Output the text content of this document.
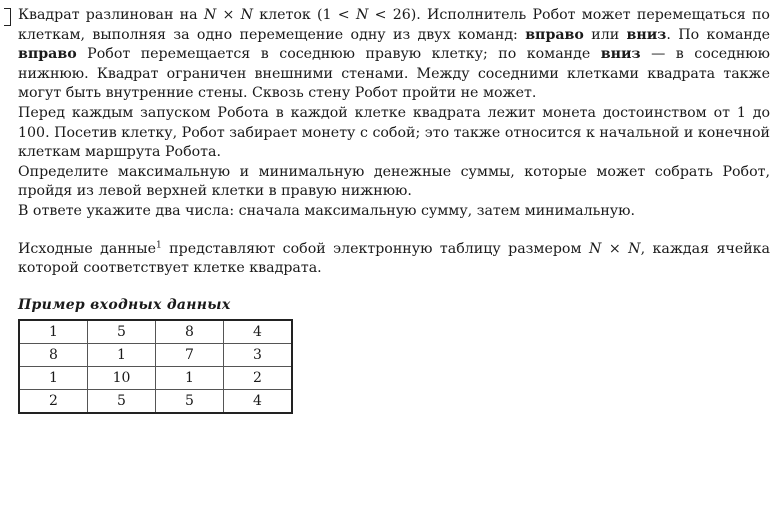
Квадрат разлинован на N × N клеток (1 < N < 26). Исполнитель Робот может перемещаться по клеткам, выполняя за одно перемещение одну из двух команд: вправо или вниз. По команде вправо Робот перемещается в соседнюю правую клетку; по команде вниз — в соседнюю нижнюю. Квадрат ограничен внешними стенами. Между соседними клетками квадрата также могут быть внутренние стены. Сквозь стену Робот пройти не может.

Перед каждым запуском Робота в каждой клетке квадрата лежит монета достоинством от 1 до 100. Посетив клетку, Робот забирает монету с собой; это также относится к начальной и конечной клеткам маршрута Робота.

Определите максимальную и минимальную денежные суммы, которые может собрать Робот, пройдя из левой верхней клетки в правую нижнюю.

В ответе укажите два числа: сначала максимальную сумму, затем минимальную.

Исходные данные$^1$ представляют собой электронную таблицу размером N × N, каждая ячейка которой соответствует клетке квадрата.

Пример входных данных

1	5	8	4
8	1	7	3
1	10	1	2
2	5	5	4
